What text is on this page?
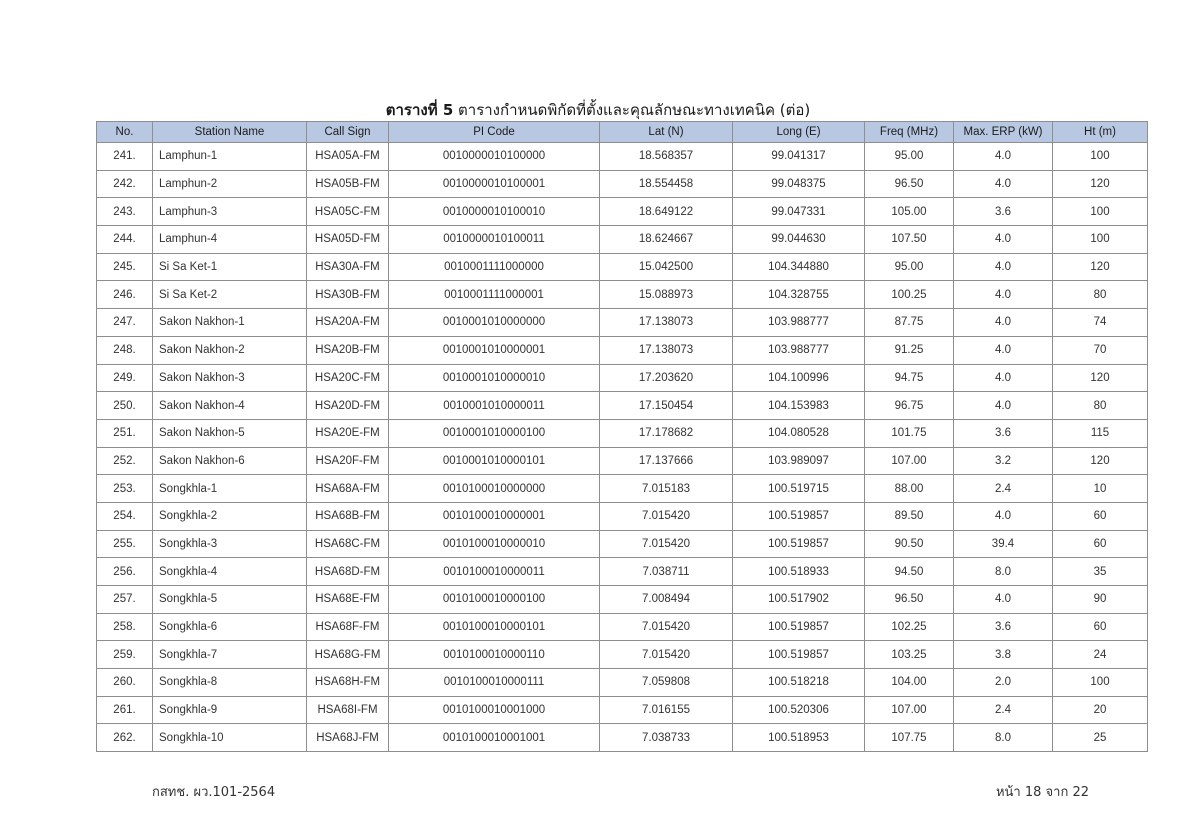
ตารางที่ 5 ตารางกำหนดพิกัดที่ตั้งและคุณลักษณะทางเทคนิค (ต่อ)
No.	Station Name	Call Sign	PI Code	Lat (N)	Long (E)	Freq (MHz)	Max. ERP (kW)	Ht (m)
241.	Lamphun-1	HSA05A-FM	0010000010100000	18.568357	99.041317	95.00	4.0	100
242.	Lamphun-2	HSA05B-FM	0010000010100001	18.554458	99.048375	96.50	4.0	120
243.	Lamphun-3	HSA05C-FM	0010000010100010	18.649122	99.047331	105.00	3.6	100
244.	Lamphun-4	HSA05D-FM	0010000010100011	18.624667	99.044630	107.50	4.0	100
245.	Si Sa Ket-1	HSA30A-FM	0010001111000000	15.042500	104.344880	95.00	4.0	120
246.	Si Sa Ket-2	HSA30B-FM	0010001111000001	15.088973	104.328755	100.25	4.0	80
247.	Sakon Nakhon-1	HSA20A-FM	0010001010000000	17.138073	103.988777	87.75	4.0	74
248.	Sakon Nakhon-2	HSA20B-FM	0010001010000001	17.138073	103.988777	91.25	4.0	70
249.	Sakon Nakhon-3	HSA20C-FM	0010001010000010	17.203620	104.100996	94.75	4.0	120
250.	Sakon Nakhon-4	HSA20D-FM	0010001010000011	17.150454	104.153983	96.75	4.0	80
251.	Sakon Nakhon-5	HSA20E-FM	0010001010000100	17.178682	104.080528	101.75	3.6	115
252.	Sakon Nakhon-6	HSA20F-FM	0010001010000101	17.137666	103.989097	107.00	3.2	120
253.	Songkhla-1	HSA68A-FM	0010100010000000	7.015183	100.519715	88.00	2.4	10
254.	Songkhla-2	HSA68B-FM	0010100010000001	7.015420	100.519857	89.50	4.0	60
255.	Songkhla-3	HSA68C-FM	0010100010000010	7.015420	100.519857	90.50	39.4	60
256.	Songkhla-4	HSA68D-FM	0010100010000011	7.038711	100.518933	94.50	8.0	35
257.	Songkhla-5	HSA68E-FM	0010100010000100	7.008494	100.517902	96.50	4.0	90
258.	Songkhla-6	HSA68F-FM	0010100010000101	7.015420	100.519857	102.25	3.6	60
259.	Songkhla-7	HSA68G-FM	0010100010000110	7.015420	100.519857	103.25	3.8	24
260.	Songkhla-8	HSA68H-FM	0010100010000111	7.059808	100.518218	104.00	2.0	100
261.	Songkhla-9	HSA68I-FM	0010100010001000	7.016155	100.520306	107.00	2.4	20
262.	Songkhla-10	HSA68J-FM	0010100010001001	7.038733	100.518953	107.75	8.0	25
กสทช. ผว.101-2564	หน้า 18 จาก 22
